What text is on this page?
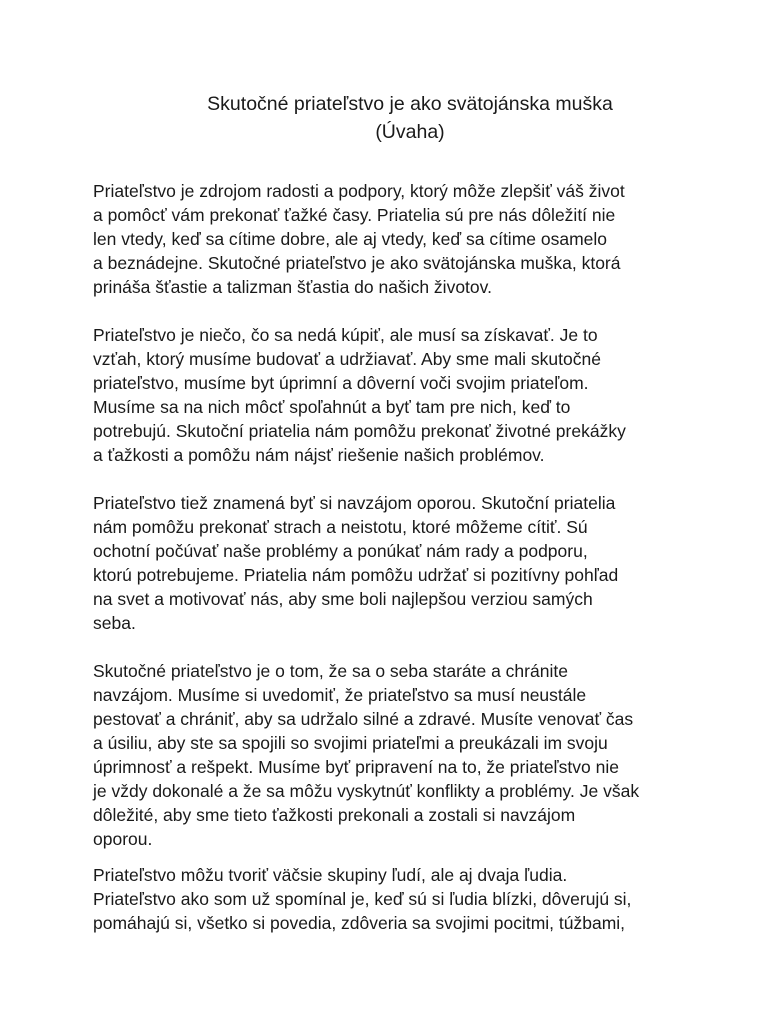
Skutočné priateľstvo je ako svätojánska muška
(Úvaha)

Priateľstvo je zdrojom radosti a podpory, ktorý môže zlepšiť váš život
a pomôcť vám prekonať ťažké časy. Priatelia sú pre nás dôležití nie
len vtedy, keď sa cítime dobre, ale aj vtedy, keď sa cítime osamelo
a beznádejne. Skutočné priateľstvo je ako svätojánska muška, ktorá
prináša šťastie a talizman šťastia do našich životov.

Priateľstvo je niečo, čo sa nedá kúpiť, ale musí sa získavať. Je to
vzťah, ktorý musíme budovať a udržiavať. Aby sme mali skutočné
priateľstvo, musíme byt úprimní a dôverní voči svojim priateľom.
Musíme sa na nich môcť spoľahnút a byť tam pre nich, keď to
potrebujú. Skutoční priatelia nám pomôžu prekonať životné prekážky
a ťažkosti a pomôžu nám nájsť riešenie našich problémov.

Priateľstvo tiež znamená byť si navzájom oporou. Skutoční priatelia
nám pomôžu prekonať strach a neistotu, ktoré môžeme cítiť. Sú
ochotní počúvať naše problémy a ponúkať nám rady a podporu,
ktorú potrebujeme. Priatelia nám pomôžu udržať si pozitívny pohľad
na svet a motivovať nás, aby sme boli najlepšou verziou samých
seba.

Skutočné priateľstvo je o tom, že sa o seba staráte a chránite
navzájom. Musíme si uvedomiť, že priateľstvo sa musí neustále
pestovať a chrániť, aby sa udržalo silné a zdravé. Musíte venovať čas
a úsiliu, aby ste sa spojili so svojimi priateľmi a preukázali im svoju
úprimnosť a rešpekt. Musíme byť pripravení na to, že priateľstvo nie
je vždy dokonalé a že sa môžu vyskytnúť konflikty a problémy. Je však
dôležité, aby sme tieto ťažkosti prekonali a zostali si navzájom
oporou.

Priateľstvo môžu tvoriť väčsie skupiny ľudí, ale aj dvaja ľudia.
Priateľstvo ako som už spomínal je, keď sú si ľudia blízki, dôverujú si,
pomáhajú si, všetko si povedia, zdôveria sa svojimi pocitmi, túžbami,
